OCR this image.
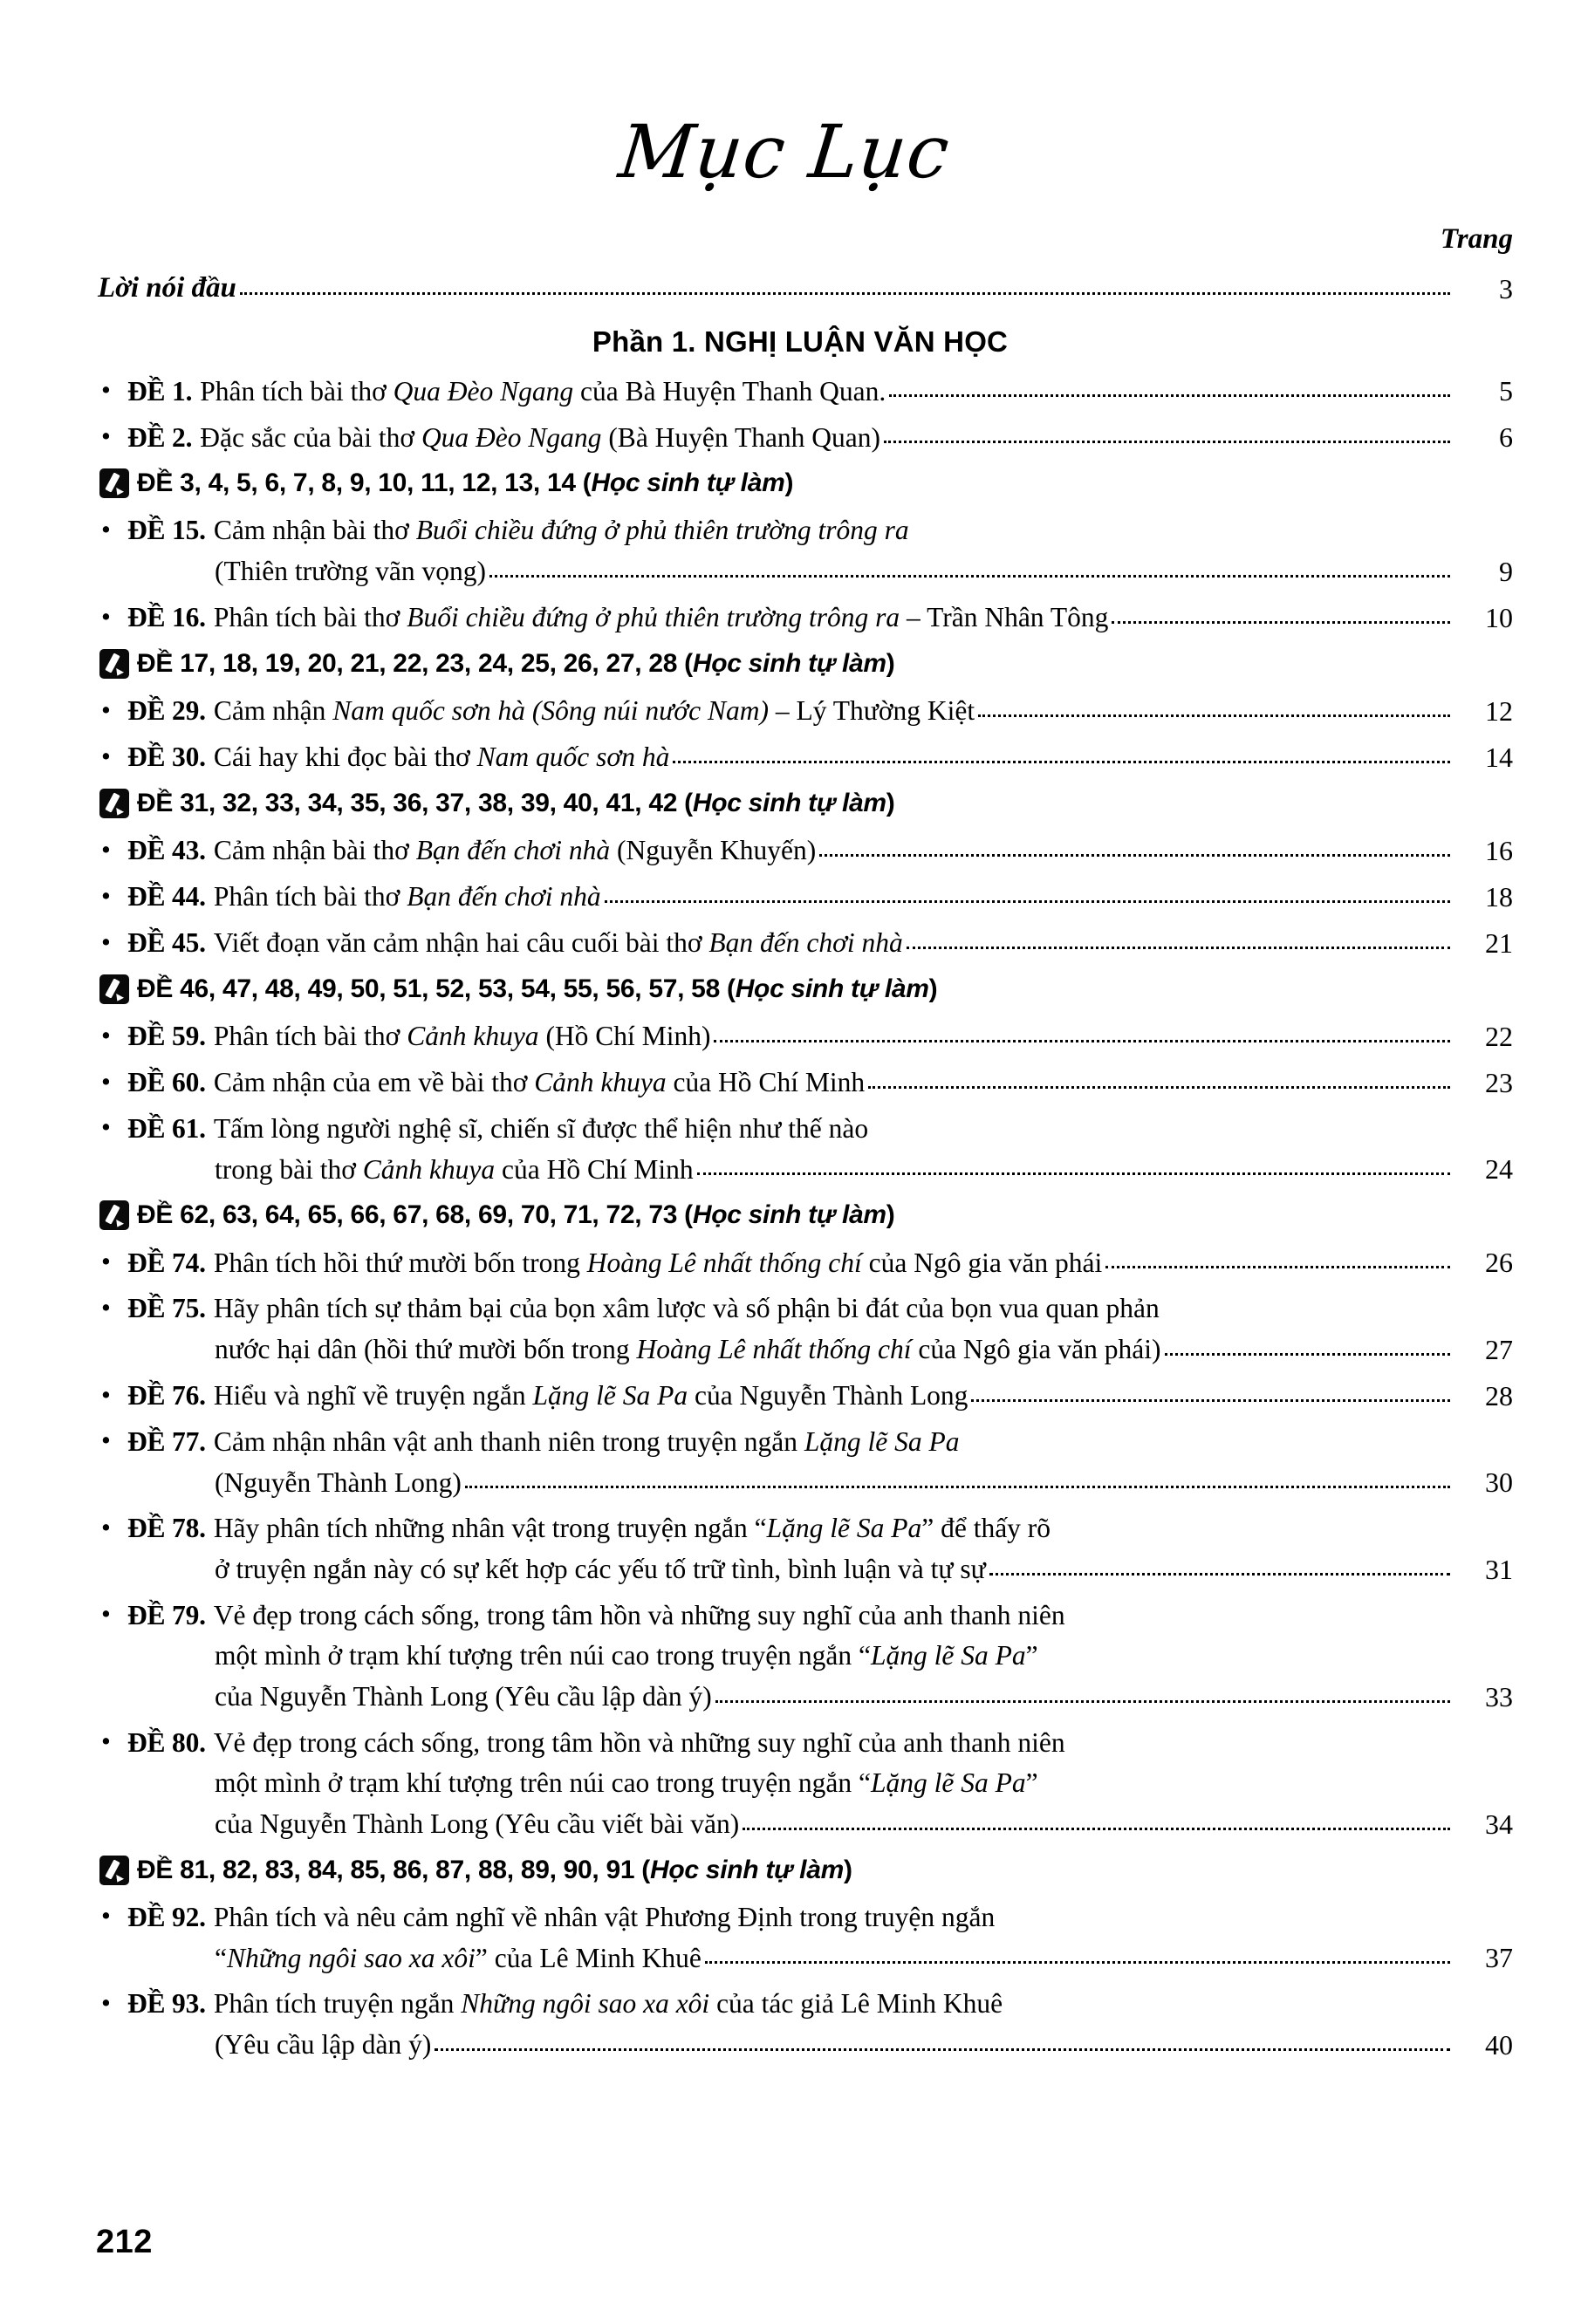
Mục Lục
Trang
Lời nói đầu	3
Phần 1. NGHỊ LUẬN VĂN HỌC
• ĐỀ 1. Phân tích bài thơ Qua Đèo Ngang của Bà Huyện Thanh Quan.	5
• ĐỀ 2. Đặc sắc của bài thơ Qua Đèo Ngang (Bà Huyện Thanh Quan)	6
ĐỀ 3, 4, 5, 6, 7, 8, 9, 10, 11, 12, 13, 14 (Học sinh tự làm)
• ĐỀ 15. Cảm nhận bài thơ Buổi chiều đứng ở phủ thiên trường trông ra
(Thiên trường vãn vọng)	9
• ĐỀ 16. Phân tích bài thơ Buổi chiều đứng ở phủ thiên trường trông ra – Trần Nhân Tông	10
ĐỀ 17, 18, 19, 20, 21, 22, 23, 24, 25, 26, 27, 28 (Học sinh tự làm)
• ĐỀ 29. Cảm nhận Nam quốc sơn hà (Sông núi nước Nam) – Lý Thường Kiệt	12
• ĐỀ 30. Cái hay khi đọc bài thơ Nam quốc sơn hà	14
ĐỀ 31, 32, 33, 34, 35, 36, 37, 38, 39, 40, 41, 42 (Học sinh tự làm)
• ĐỀ 43. Cảm nhận bài thơ Bạn đến chơi nhà (Nguyễn Khuyến)	16
• ĐỀ 44. Phân tích bài thơ Bạn đến chơi nhà	18
• ĐỀ 45. Viết đoạn văn cảm nhận hai câu cuối bài thơ Bạn đến chơi nhà	21
ĐỀ 46, 47, 48, 49, 50, 51, 52, 53, 54, 55, 56, 57, 58 (Học sinh tự làm)
• ĐỀ 59. Phân tích bài thơ Cảnh khuya (Hồ Chí Minh)	22
• ĐỀ 60. Cảm nhận của em về bài thơ Cảnh khuya của Hồ Chí Minh	23
• ĐỀ 61. Tấm lòng người nghệ sĩ, chiến sĩ được thể hiện như thế nào
trong bài thơ Cảnh khuya của Hồ Chí Minh	24
ĐỀ 62, 63, 64, 65, 66, 67, 68, 69, 70, 71, 72, 73 (Học sinh tự làm)
• ĐỀ 74. Phân tích hồi thứ mười bốn trong Hoàng Lê nhất thống chí của Ngô gia văn phái	26
• ĐỀ 75. Hãy phân tích sự thảm bại của bọn xâm lược và số phận bi đát của bọn vua quan phản
nước hại dân (hồi thứ mười bốn trong Hoàng Lê nhất thống chí của Ngô gia văn phái)	27
• ĐỀ 76. Hiểu và nghĩ về truyện ngắn Lặng lẽ Sa Pa của Nguyễn Thành Long	28
• ĐỀ 77. Cảm nhận nhân vật anh thanh niên trong truyện ngắn Lặng lẽ Sa Pa
(Nguyễn Thành Long)	30
• ĐỀ 78. Hãy phân tích những nhân vật trong truyện ngắn “Lặng lẽ Sa Pa” để thấy rõ
ở truyện ngắn này có sự kết hợp các yếu tố trữ tình, bình luận và tự sự	31
• ĐỀ 79. Vẻ đẹp trong cách sống, trong tâm hồn và những suy nghĩ của anh thanh niên
một mình ở trạm khí tượng trên núi cao trong truyện ngắn “Lặng lẽ Sa Pa”
của Nguyễn Thành Long (Yêu cầu lập dàn ý)	33
• ĐỀ 80. Vẻ đẹp trong cách sống, trong tâm hồn và những suy nghĩ của anh thanh niên
một mình ở trạm khí tượng trên núi cao trong truyện ngắn “Lặng lẽ Sa Pa”
của Nguyễn Thành Long (Yêu cầu viết bài văn)	34
ĐỀ 81, 82, 83, 84, 85, 86, 87, 88, 89, 90, 91 (Học sinh tự làm)
• ĐỀ 92. Phân tích và nêu cảm nghĩ về nhân vật Phương Định trong truyện ngắn
“Những ngôi sao xa xôi” của Lê Minh Khuê	37
• ĐỀ 93. Phân tích truyện ngắn Những ngôi sao xa xôi của tác giả Lê Minh Khuê
(Yêu cầu lập dàn ý)	40
212
